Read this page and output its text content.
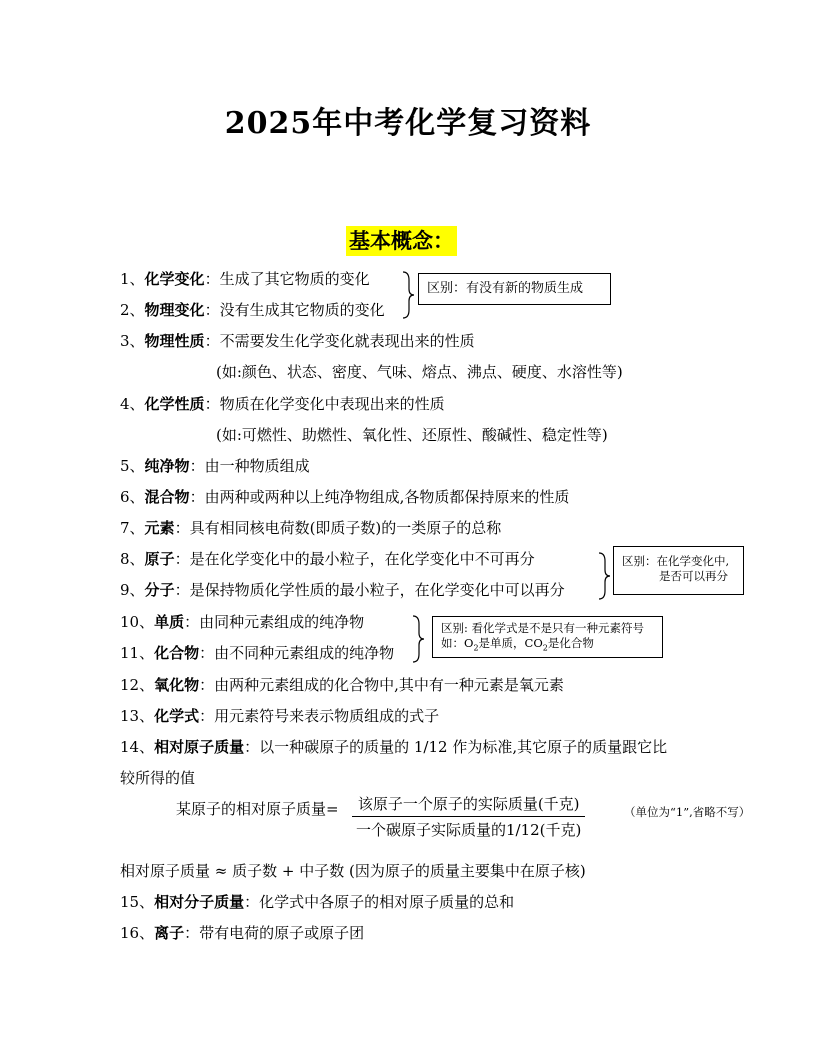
2025年中考化学复习资料
基本概念：
1、化学变化：生成了其它物质的变化
2、物理变化：没有生成其它物质的变化
3、物理性质：不需要发生化学变化就表现出来的性质
(如:颜色、状态、密度、气味、熔点、沸点、硬度、水溶性等)
4、化学性质：物质在化学变化中表现出来的性质
(如:可燃性、助燃性、氧化性、还原性、酸碱性、稳定性等)
5、纯净物：由一种物质组成
6、混合物：由两种或两种以上纯净物组成,各物质都保持原来的性质
7、元素：具有相同核电荷数(即质子数)的一类原子的总称
8、原子：是在化学变化中的最小粒子，在化学变化中不可再分
9、分子：是保持物质化学性质的最小粒子，在化学变化中可以再分
10、单质：由同种元素组成的纯净物
11、化合物：由不同种元素组成的纯净物
12、氧化物：由两种元素组成的化合物中,其中有一种元素是氧元素
13、化学式：用元素符号来表示物质组成的式子
14、相对原子质量：以一种碳原子的质量的 1/12 作为标准,其它原子的质量跟它比
较所得的值
某原子的相对原子质量=	该原子一个原子的实际质量(千克)
一个碳原子实际质量的1/12(千克)
（单位为“1”,省略不写）
相对原子质量 ≈ 质子数 + 中子数 (因为原子的质量主要集中在原子核)
15、相对分子质量：化学式中各原子的相对原子质量的总和
16、离子：带有电荷的原子或原子团
区别：有没有新的物质生成
区别：在化学变化中,
是否可以再分
区别: 看化学式是不是只有一种元素符号
如：$O_2$是单质，$CO_2$是化合物
